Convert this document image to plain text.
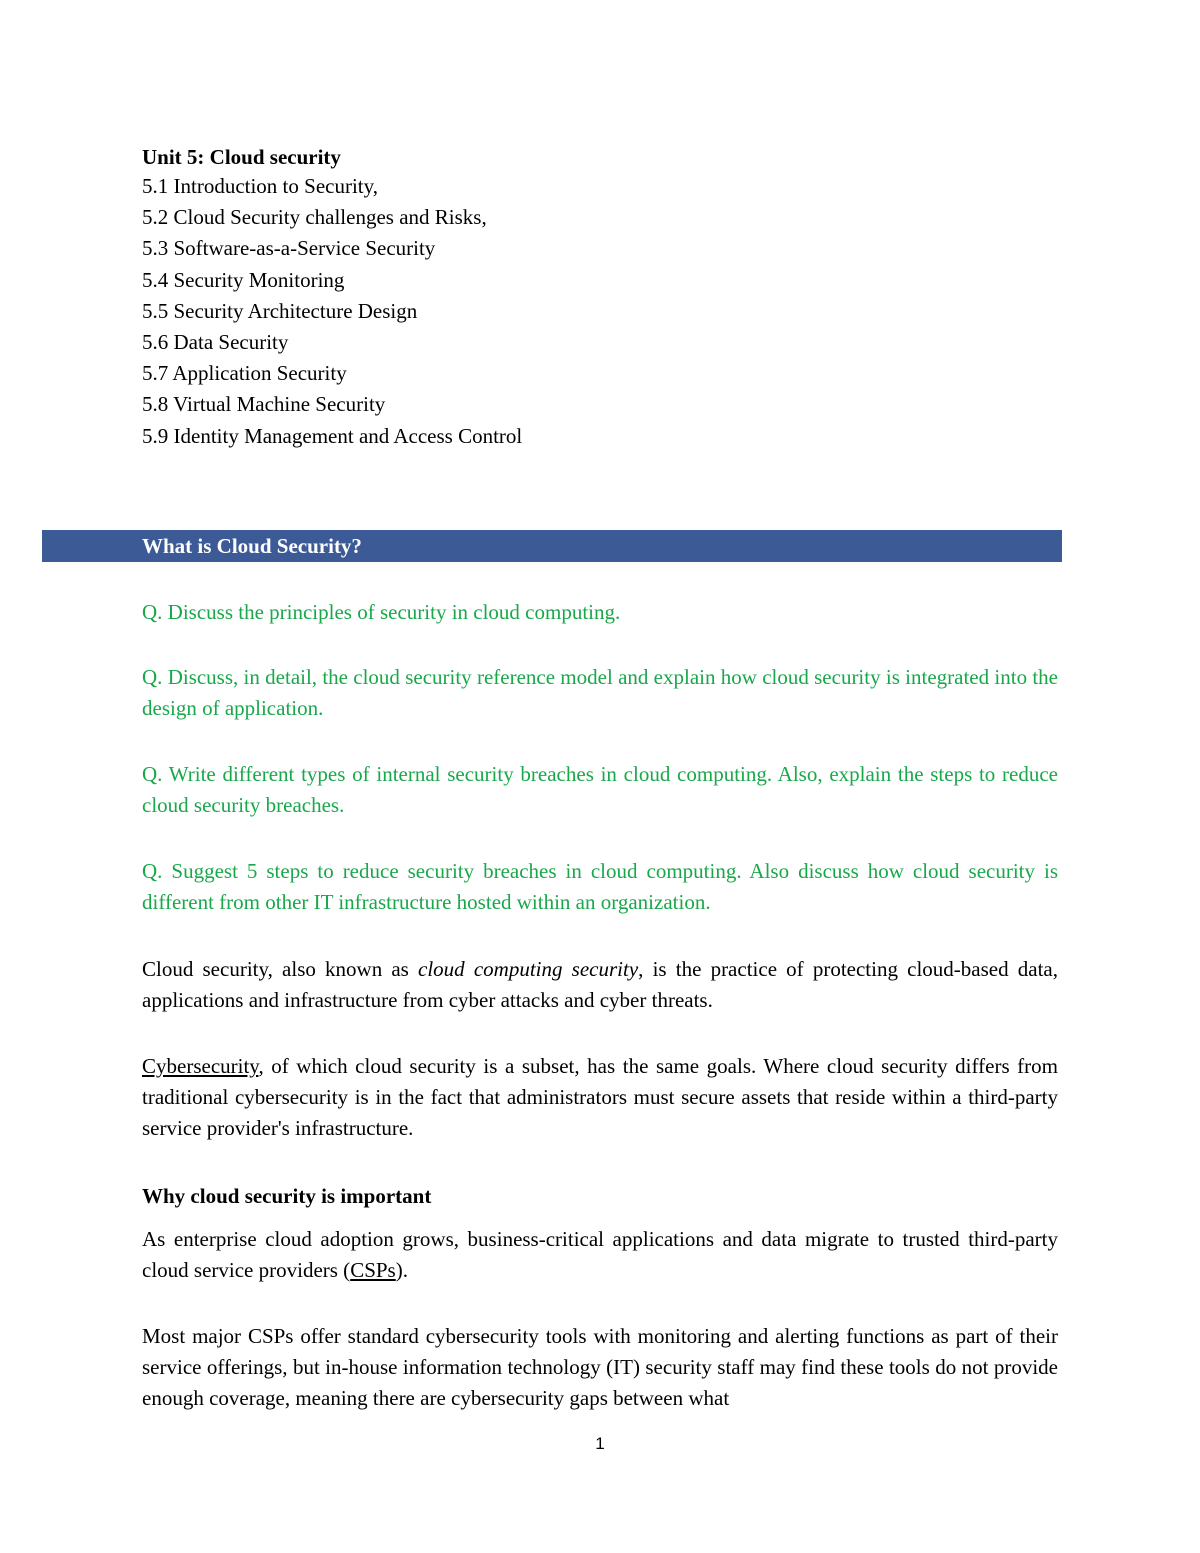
Unit 5: Cloud security

5.1 Introduction to Security,
5.2 Cloud Security challenges and Risks,
5.3 Software-as-a-Service Security
5.4 Security Monitoring
5.5 Security Architecture Design
5.6 Data Security
5.7 Application Security
5.8 Virtual Machine Security
5.9 Identity Management and Access Control
What is Cloud Security?

Q. Discuss the principles of security in cloud computing.

Q. Discuss, in detail, the cloud security reference model and explain how cloud security is integrated into the design of application.

Q. Write different types of internal security breaches in cloud computing. Also, explain the steps to reduce cloud security breaches.

Q. Suggest 5 steps to reduce security breaches in cloud computing. Also discuss how cloud security is different from other IT infrastructure hosted within an organization.

Cloud security, also known as cloud computing security, is the practice of protecting cloud-based data, applications and infrastructure from cyber attacks and cyber threats.

Cybersecurity, of which cloud security is a subset, has the same goals. Where cloud security differs from traditional cybersecurity is in the fact that administrators must secure assets that reside within a third-party service provider's infrastructure.

Why cloud security is important

As enterprise cloud adoption grows, business-critical applications and data migrate to trusted third-party cloud service providers (CSPs).

Most major CSPs offer standard cybersecurity tools with monitoring and alerting functions as part of their service offerings, but in-house information technology (IT) security staff may find these tools do not provide enough coverage, meaning there are cybersecurity gaps between what

1
